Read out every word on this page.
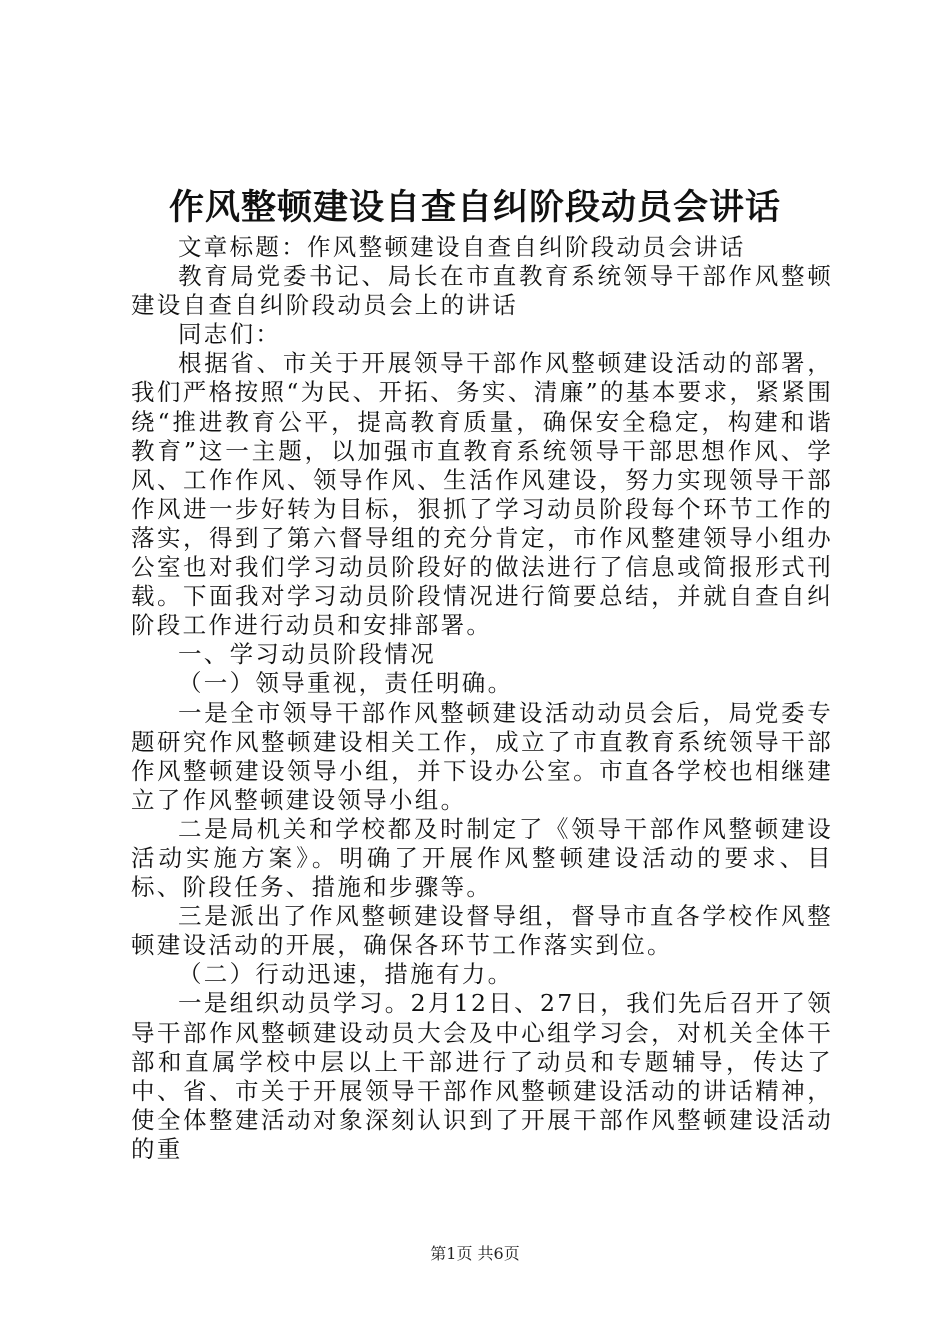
作风整顿建设自查自纠阶段动员会讲话

文章标题：作风整顿建设自查自纠阶段动员会讲话

教育局党委书记、局长在市直教育系统领导干部作风整顿建设自查自纠阶段动员会上的讲话

同志们：

根据省、市关于开展领导干部作风整顿建设活动的部署，我们严格按照“为民、开拓、务实、清廉”的基本要求，紧紧围绕“推进教育公平，提高教育质量，确保安全稳定，构建和谐教育”这一主题，以加强市直教育系统领导干部思想作风、学风、工作作风、领导作风、生活作风建设，努力实现领导干部作风进一步好转为目标，狠抓了学习动员阶段每个环节工作的落实，得到了第六督导组的充分肯定，市作风整建领导小组办公室也对我们学习动员阶段好的做法进行了信息或简报形式刊载。下面我对学习动员阶段情况进行简要总结，并就自查自纠阶段工作进行动员和安排部署。

一、学习动员阶段情况

（一）领导重视，责任明确。

一是全市领导干部作风整顿建设活动动员会后，局党委专题研究作风整顿建设相关工作，成立了市直教育系统领导干部作风整顿建设领导小组，并下设办公室。市直各学校也相继建立了作风整顿建设领导小组。

二是局机关和学校都及时制定了《领导干部作风整顿建设活动实施方案》。明确了开展作风整顿建设活动的要求、目标、阶段任务、措施和步骤等。

三是派出了作风整顿建设督导组，督导市直各学校作风整顿建设活动的开展，确保各环节工作落实到位。

（二）行动迅速，措施有力。

一是组织动员学习。2月12日、27日，我们先后召开了领导干部作风整顿建设动员大会及中心组学习会，对机关全体干部和直属学校中层以上干部进行了动员和专题辅导，传达了中、省、市关于开展领导干部作风整顿建设活动的讲话精神，使全体整建活动对象深刻认识到了开展干部作风整顿建设活动的重

第1页 共6页
